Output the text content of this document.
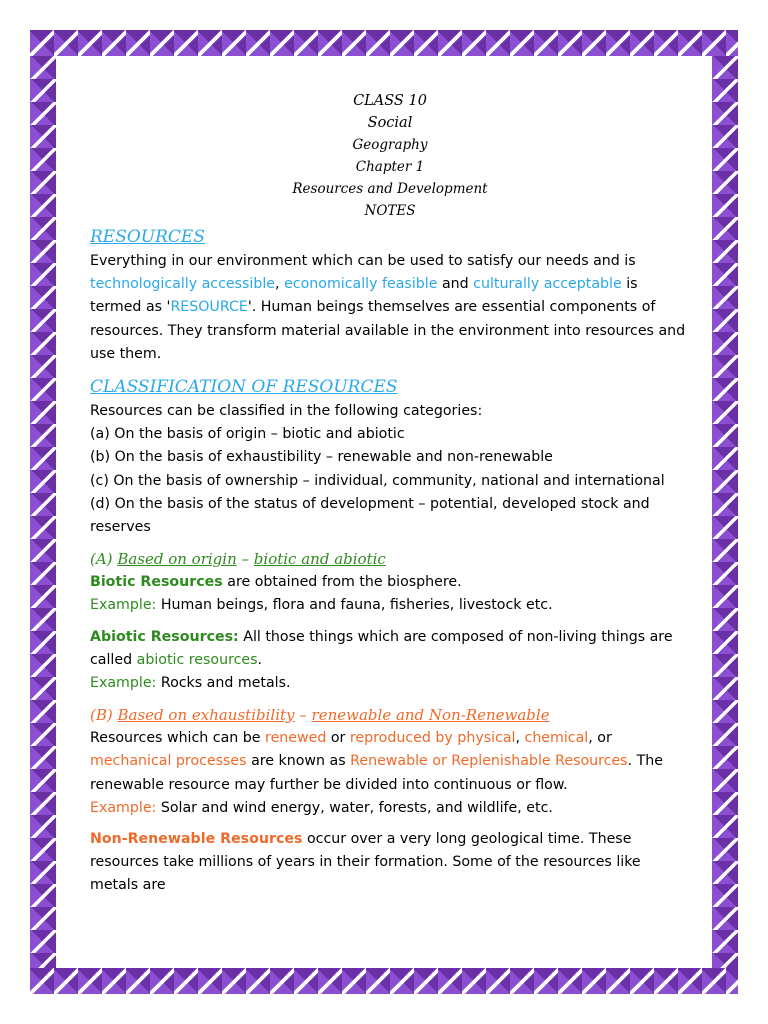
CLASS 10
Social
Geography
Chapter 1
Resources and Development
NOTES
RESOURCES

Everything in our environment which can be used to satisfy our needs and is
technologically accessible, economically feasible and culturally acceptable is
termed as 'RESOURCE'. Human beings themselves are essential components of resources. They transform material available in the environment into resources and use them.

CLASSIFICATION OF RESOURCES

Resources can be classified in the following categories:

(a) On the basis of origin – biotic and abiotic

(b) On the basis of exhaustibility – renewable and non-renewable

(c) On the basis of ownership – individual, community, national and international

(d) On the basis of the status of development – potential, developed stock and reserves

(A) Based on origin – biotic and abiotic

Biotic Resources are obtained from the biosphere.

Example: Human beings, flora and fauna, fisheries, livestock etc.

Abiotic Resources: All those things which are composed of non-living things are called abiotic resources.

Example: Rocks and metals.

(B) Based on exhaustibility – renewable and Non-Renewable

Resources which can be renewed or reproduced by physical, chemical, or mechanical processes are known as Renewable or Replenishable Resources. The renewable resource may further be divided into continuous or flow.

Example: Solar and wind energy, water, forests, and wildlife, etc.

Non-Renewable Resources occur over a very long geological time. These resources take millions of years in their formation. Some of the resources like metals are
